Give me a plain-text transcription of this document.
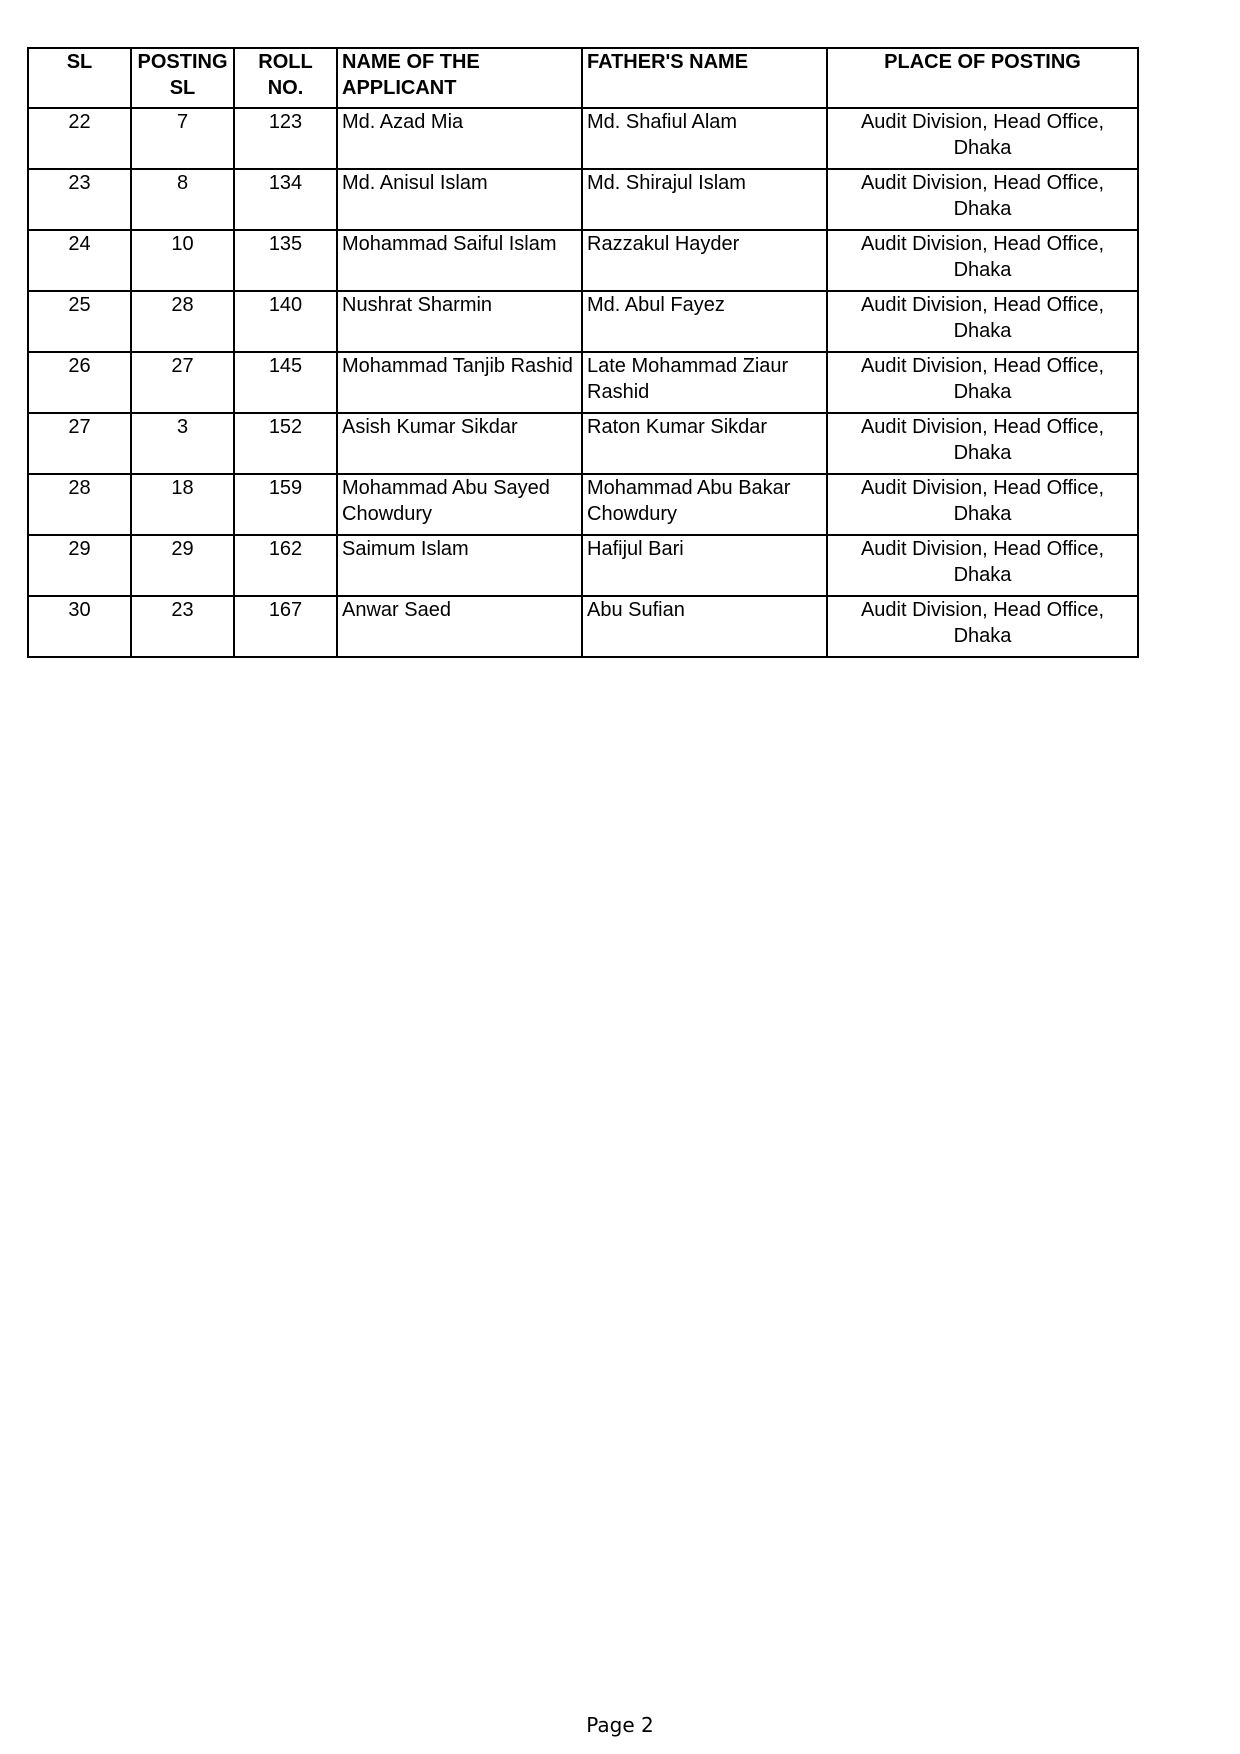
SL	POSTING SL	ROLL NO.	NAME OF THE APPLICANT	FATHER'S NAME	PLACE OF POSTING
22	7	123	Md. Azad Mia	Md. Shafiul Alam	Audit Division, Head Office, Dhaka
23	8	134	Md. Anisul Islam	Md. Shirajul Islam	Audit Division, Head Office, Dhaka
24	10	135	Mohammad Saiful Islam	Razzakul Hayder	Audit Division, Head Office, Dhaka
25	28	140	Nushrat Sharmin	Md. Abul Fayez	Audit Division, Head Office, Dhaka
26	27	145	Mohammad Tanjib Rashid	Late Mohammad Ziaur Rashid	Audit Division, Head Office, Dhaka
27	3	152	Asish Kumar Sikdar	Raton Kumar Sikdar	Audit Division, Head Office, Dhaka
28	18	159	Mohammad Abu Sayed Chowdury	Mohammad Abu Bakar Chowdury	Audit Division, Head Office, Dhaka
29	29	162	Saimum Islam	Hafijul Bari	Audit Division, Head Office, Dhaka
30	23	167	Anwar Saed	Abu Sufian	Audit Division, Head Office, Dhaka
Page 2
